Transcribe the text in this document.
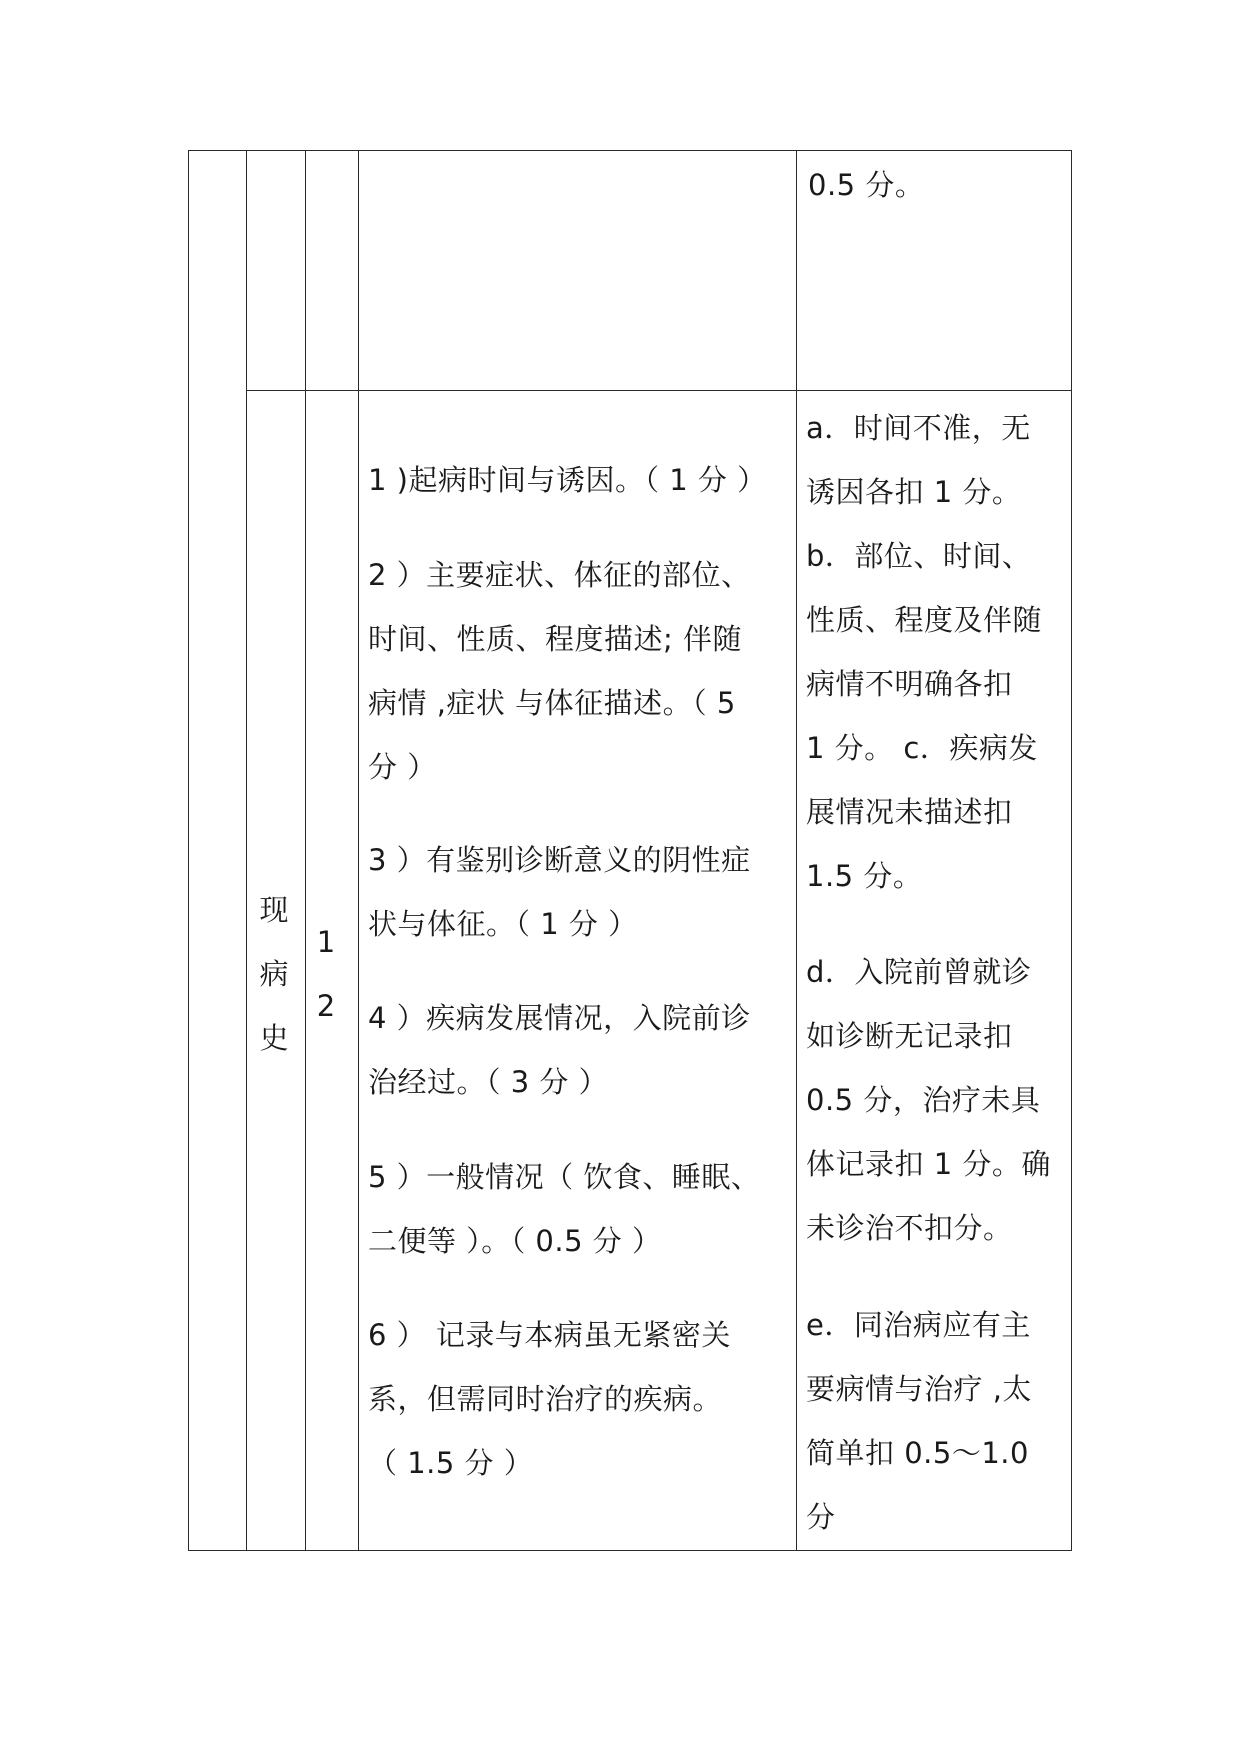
0.5 分。
现
病
史
1
2
1 )起病时间与诱因。（ 1 分 ）
2 ）主要症状、体征的部位、
时间、性质、程度描述; 伴随
病情 ,症状 与体征描述。（ 5
分 ）
3 ）有鉴别诊断意义的阴性症
状与体征。（ 1 分 ）
4 ）疾病发展情况，入院前诊
治经过。（ 3 分 ）
5 ）一般情况（ 饮食、睡眠、
二便等 ）。（ 0.5 分 ）
6 ） 记录与本病虽无紧密关
系，但需同时治疗的疾病。
（ 1.5 分 ）
a．时间不准，无
诱因各扣 1 分。
b．部位、时间、
性质、程度及伴随
病情不明确各扣
1 分。 c．疾病发
展情况未描述扣
1.5 分。
d．入院前曾就诊
如诊断无记录扣
0.5 分，治疗未具
体记录扣 1 分。确
未诊治不扣分。
e．同治病应有主
要病情与治疗 ,太
简单扣 0.5～1.0
分
